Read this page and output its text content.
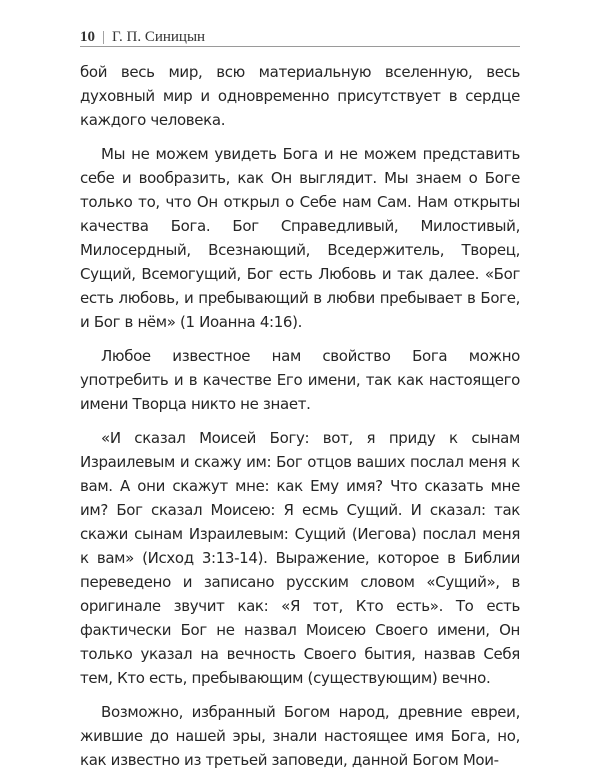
10 | Г. П. Синицын

бой весь мир, всю материальную вселенную, весь духовный мир и одновременно присутствует в сердце каждого человека.

Мы не можем увидеть Бога и не можем представить себе и вообразить, как Он выглядит. Мы знаем о Боге только то, что Он открыл о Себе нам Сам. Нам открыты качества Бога. Бог Справедливый, Милостивый, Милосердный, Всезнающий, Вседержитель, Творец, Сущий, Всемогущий, Бог есть Любовь и так далее. «Бог есть любовь, и пребывающий в любви пребывает в Боге, и Бог в нём» (1 Иоанна 4:16).

Любое известное нам свойство Бога можно употребить и в качестве Его имени, так как настоящего имени Творца никто не знает.

«И сказал Моисей Богу: вот, я приду к сынам Израилевым и скажу им: Бог отцов ваших послал меня к вам. А они скажут мне: как Ему имя? Что сказать мне им? Бог сказал Моисею: Я есмь Сущий. И сказал: так скажи сынам Израилевым: Сущий (Иегова) послал меня к вам» (Исход 3:13-14). Выражение, которое в Библии переведено и записано русским словом «Сущий», в оригинале звучит как: «Я тот, Кто есть». То есть фактически Бог не назвал Моисею Своего имени, Он только указал на вечность Своего бытия, назвав Себя тем, Кто есть, пребывающим (существующим) вечно.

Возможно, избранный Богом народ, древние евреи, жившие до нашей эры, знали настоящее имя Бога, но, как известно из третьей заповеди, данной Богом Мои-
